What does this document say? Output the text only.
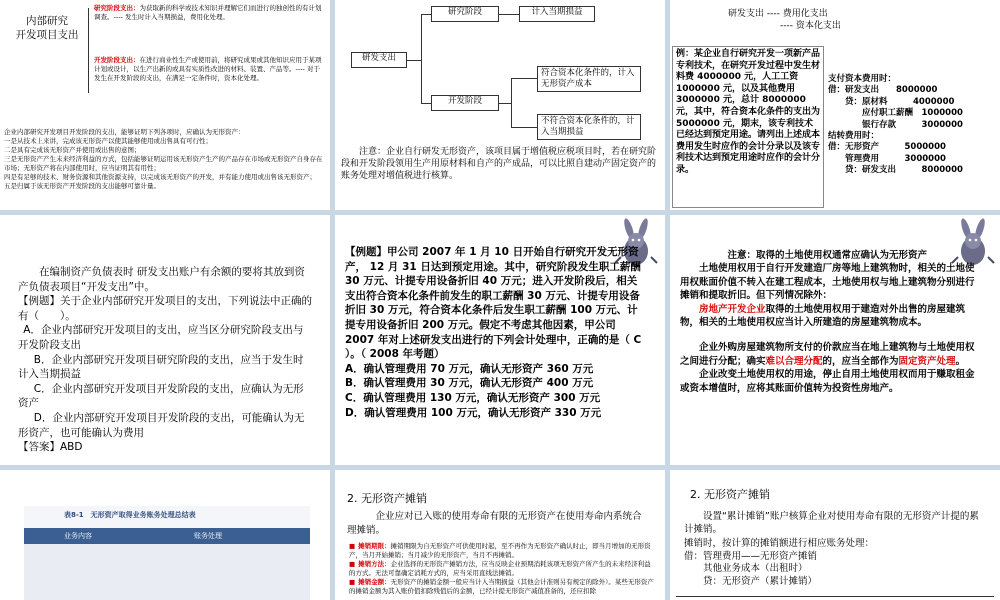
内部研究
开发项目支出
研究阶段支出：为获取新的科学或技术知识并理解它们而进行的独创性的有计划调查。---- 发生时计入当期损益，费用化处理。
开发阶段支出：在进行商业性生产或使用前，将研究成果或其他知识应用于某项计划或设计，以生产出新的或具有实质性改进的材料、装置、产品等。---- 对于发生在开发阶段的支出，在满足一定条件时，资本化处理。
企业内部研究开发项目开发阶段的支出，能够证明下列各项时，应确认为无形资产：
一是从技术上来讲，完成该无形资产以使其能够使用或出售具有可行性；
二是具有完成该无形资产并使用或出售的意图；
三是无形资产产生未来经济利益的方式，包括能够证明运用该无形资产生产的产品存在市场或无形资产自身存在市场；无形资产将在内部使用时，应当证明其有用性；
四是有足够的技术、财务资源和其他资源支持，以完成该无形资产的开发，并有能力使用或出售该无形资产；
五是归属于该无形资产开发阶段的支出能够可靠计量。
研发支出
研究阶段	计入当期损益
开发阶段
符合资本化条件的，计入无形资产成本
不符合资本化条件的，计入当期损益
注意：企业自行研发无形资产，该项目属于增值税应税项目时，若在研究阶段和开发阶段领用生产用原材料和自产的产成品，可以比照自建动产固定资产的账务处理对增值税进行核算。
研发支出 ---- 费用化支出
---- 资本化支出
例：某企业自行研究开发一项新产品专利技术，在研究开发过程中发生材料费 4000000 元，人工工资 1000000 元，以及其他费用 3000000 元，总计 8000000 元，其中，符合资本化条件的支出为 5000000 元，期末，该专利技术已经达到预定用途。请列出上述成本费用发生时应作的会计分录以及该专利技术达到预定用途时应作的会计分录。
支付资本费用时：
借：研发支出　　8000000
　　贷：原材料　　　4000000
　　　　应付职工薪酬　1000000
　　　　银行存款　　　3000000
结转费用时：
借：无形资产　　　5000000
　　管理费用　　　3000000
　　贷：研发支出　　　8000000
在编制资产负债表时 研发支出账户有余额的要将其放到资产负债表项目“开发支出”中。
【例题】关于企业内部研究开发项目的支出，下列说法中正确的有（　　）。
A．企业内部研究开发项目的支出，应当区分研究阶段支出与开发阶段支出
B．企业内部研究开发项目研究阶段的支出，应当于发生时计入当期损益
C．企业内部研究开发项目开发阶段的支出，应确认为无形资产
D．企业内部研究开发项目开发阶段的支出，可能确认为无形资产，也可能确认为费用
【答案】ABD
【例题】甲公司 2007 年 1 月 10 日开始自行研究开发无形资产， 12 月 31 日达到预定用途。其中，研究阶段发生职工薪酬 30 万元、计提专用设备折旧 40 万元；进入开发阶段后，相关支出符合资本化条件前发生的职工薪酬 30 万元、计提专用设备折旧 30 万元，符合资本化条件后发生职工薪酬 100 万元、计提专用设备折旧 200 万元。假定不考虑其他因素，甲公司 2007 年对上述研发支出进行的下列会计处理中，正确的是（ C ）。（ 2008 年考题）
A．确认管理费用 70 万元，确认无形资产 360 万元
B．确认管理费用 30 万元，确认无形资产 400 万元
C．确认管理费用 130 万元，确认无形资产 300 万元
D．确认管理费用 100 万元，确认无形资产 330 万元
注意：取得的土地使用权通常应确认为无形资产
土地使用权用于自行开发建造厂房等地上建筑物时，相关的土地使用权账面价值不转入在建工程成本，土地使用权与地上建筑物分别进行摊销和提取折旧。但下列情况除外：
房地产开发企业取得的土地使用权用于建造对外出售的房屋建筑物，相关的土地使用权应当计入所建造的房屋建筑物成本。
企业外购房屋建筑物所支付的价款应当在地上建筑物与土地使用权之间进行分配；确实难以合理分配的，应当全部作为固定资产处理。
企业改变土地使用权的用途，停止自用土地使用权而用于赚取租金或资本增值时，应将其账面价值转为投资性房地产。
表8-1　无形资产取得业务账务处理总结表
业务内容	账务处理
2. 无形资产摊销
企业应对已入账的使用寿命有限的无形资产在使用寿命内系统合理摊销。
■ 摊销期限：摊销期限为自无形资产可供使用时起，至不再作为无形资产确认时止，即当月增加的无形资产，当月开始摊销；当月减少的无形资产，当月不再摊销。
■ 摊销方法：企业选择的无形资产摊销方法，应当反映企业预期消耗该项无形资产所产生的未来经济利益的方式。无法可靠确定消耗方式的，应当采用直线法摊销。
■ 摊销金额：无形资产的摊销金额一般应当计入当期损益（其他会计准则另有规定的除外）。某些无形资产的摊销金额为其入账价值扣除残值后的金额，已经计提无形资产减值准备的，还应扣除
2. 无形资产摊销
设置“累计摊销”账户核算企业对使用寿命有限的无形资产计提的累计摊销。
摊销时，按计算的摊销额进行相应账务处理：
借：管理费用——无形资产摊销
　　其他业务成本（出租时）
　　贷：无形资产（累计摊销）
